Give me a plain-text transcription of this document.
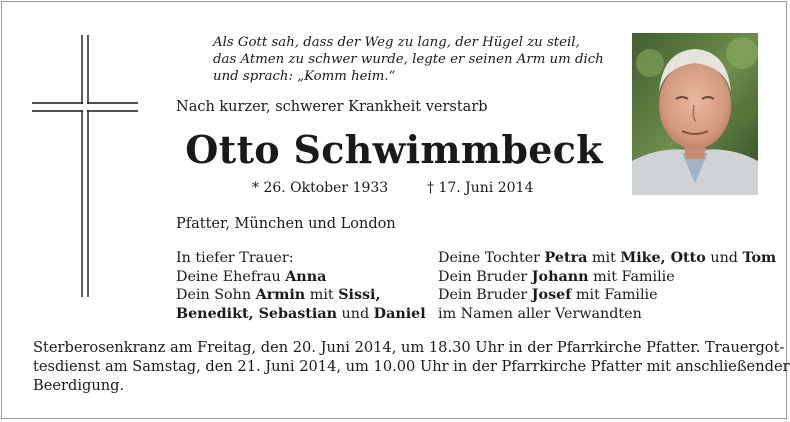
Als Gott sah, dass der Weg zu lang, der Hügel zu steil,
das Atmen zu schwer wurde, legte er seinen Arm um dich
und sprach: „Komm heim.“
Nach kurzer, schwerer Krankheit verstarb
Otto Schwimmbeck
* 26. Oktober 1933	† 17. Juni 2014
Pfatter, München und London
In tiefer Trauer:
Deine Ehefrau Anna
Dein Sohn Armin mit Sissi,
Benedikt, Sebastian und Daniel
Deine Tochter Petra mit Mike, Otto und Tom
Dein Bruder Johann mit Familie
Dein Bruder Josef mit Familie
im Namen aller Verwandten
Sterberosenkranz am Freitag, den 20. Juni 2014, um 18.30 Uhr in der Pfarrkirche Pfatter. Trauergot-
tesdienst am Samstag, den 21. Juni 2014, um 10.00 Uhr in der Pfarrkirche Pfatter mit anschließender
Beerdigung.
